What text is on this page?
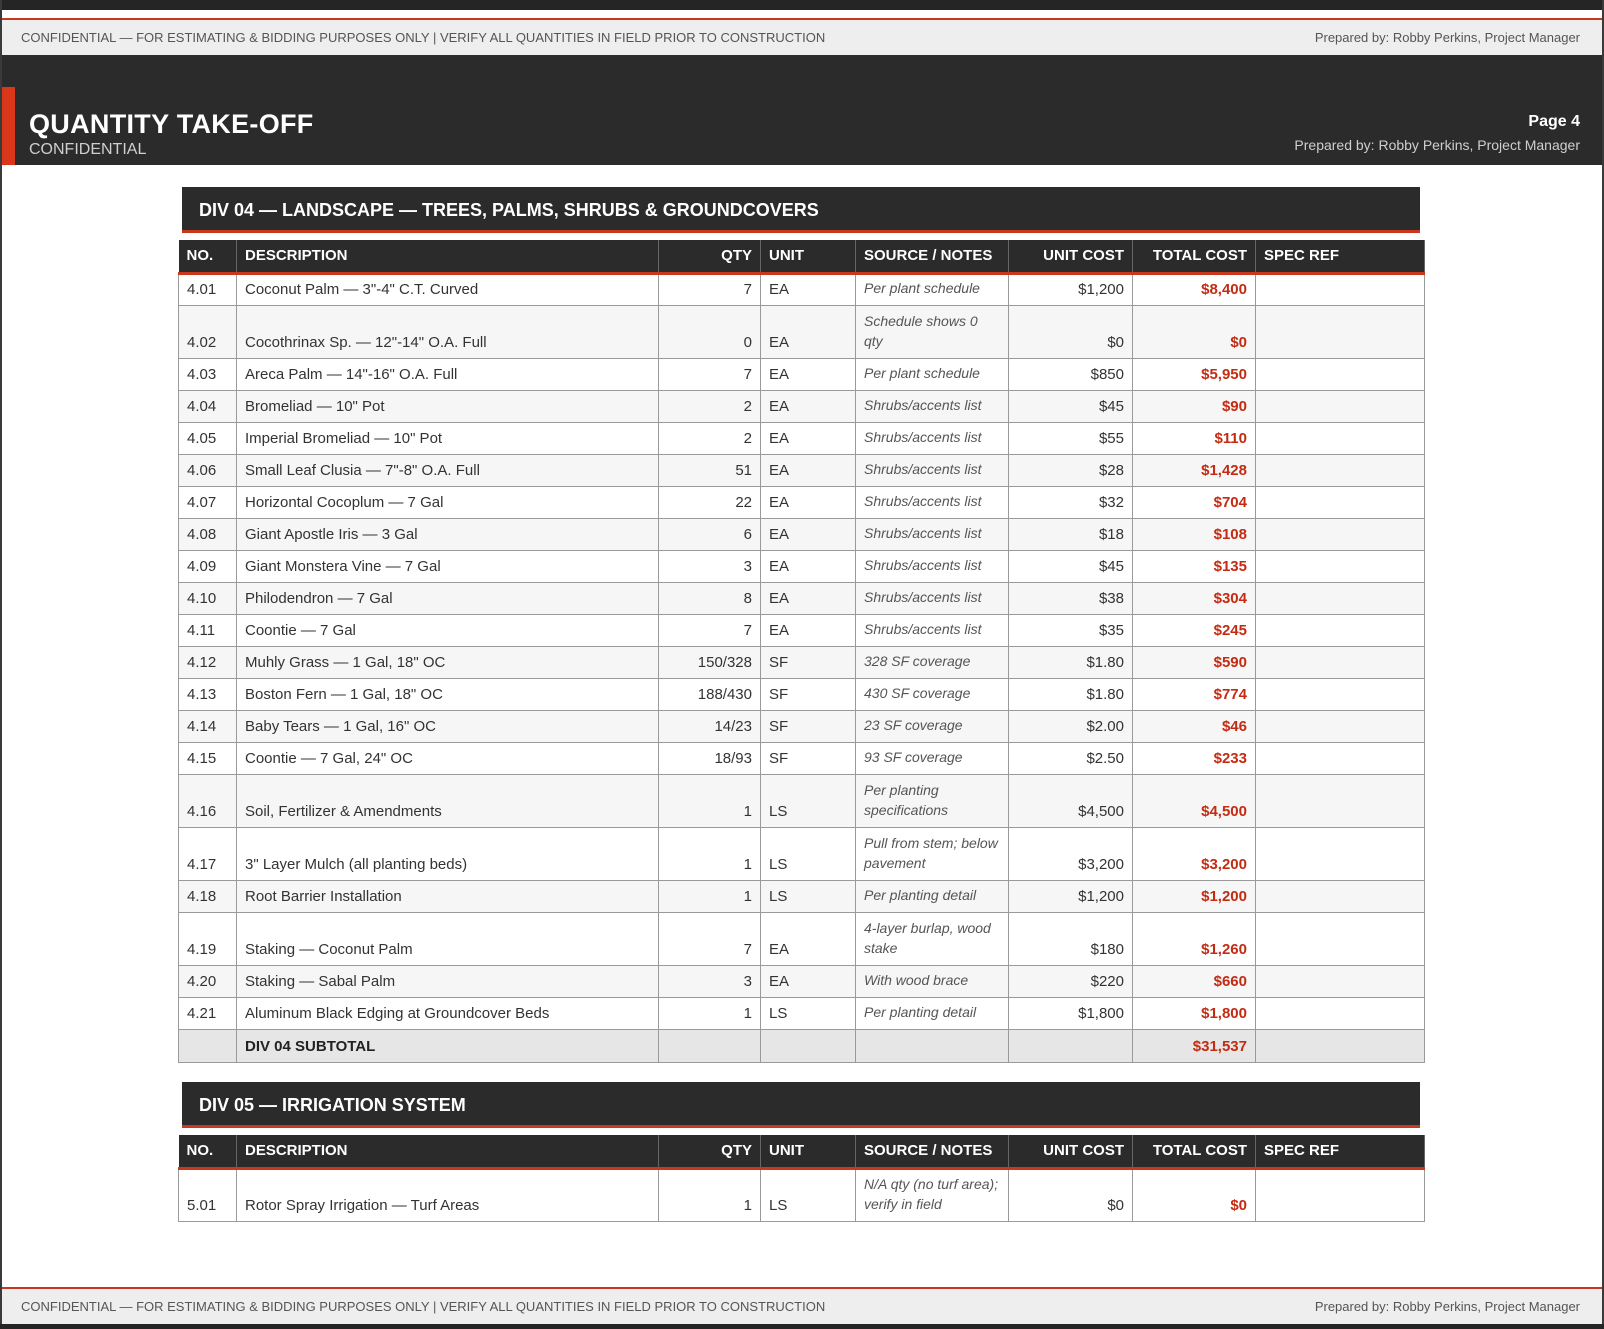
CONFIDENTIAL — FOR ESTIMATING & BIDDING PURPOSES ONLY | VERIFY ALL QUANTITIES IN FIELD PRIOR TO CONSTRUCTION	Prepared by: Robby Perkins, Project Manager
QUANTITY TAKE-OFF
CONFIDENTIAL
Page 4
Prepared by: Robby Perkins, Project Manager
DIV 04 — LANDSCAPE — TREES, PALMS, SHRUBS & GROUNDCOVERS
NO.	DESCRIPTION	QTY	UNIT	SOURCE / NOTES	UNIT COST	TOTAL COST	SPEC REF
4.01	Coconut Palm — 3"-4" C.T. Curved	7	EA	Per plant schedule	$1,200	$8,400	
4.02	Cocothrinax Sp. — 12"-14" O.A. Full	0	EA	Schedule shows 0 qty	$0	$0	
4.03	Areca Palm — 14"-16" O.A. Full	7	EA	Per plant schedule	$850	$5,950	
4.04	Bromeliad — 10" Pot	2	EA	Shrubs/accents list	$45	$90	
4.05	Imperial Bromeliad — 10" Pot	2	EA	Shrubs/accents list	$55	$110	
4.06	Small Leaf Clusia — 7"-8" O.A. Full	51	EA	Shrubs/accents list	$28	$1,428	
4.07	Horizontal Cocoplum — 7 Gal	22	EA	Shrubs/accents list	$32	$704	
4.08	Giant Apostle Iris — 3 Gal	6	EA	Shrubs/accents list	$18	$108	
4.09	Giant Monstera Vine — 7 Gal	3	EA	Shrubs/accents list	$45	$135	
4.10	Philodendron — 7 Gal	8	EA	Shrubs/accents list	$38	$304	
4.11	Coontie — 7 Gal	7	EA	Shrubs/accents list	$35	$245	
4.12	Muhly Grass — 1 Gal, 18" OC	150/328	SF	328 SF coverage	$1.80	$590	
4.13	Boston Fern — 1 Gal, 18" OC	188/430	SF	430 SF coverage	$1.80	$774	
4.14	Baby Tears — 1 Gal, 16" OC	14/23	SF	23 SF coverage	$2.00	$46	
4.15	Coontie — 7 Gal, 24" OC	18/93	SF	93 SF coverage	$2.50	$233	
4.16	Soil, Fertilizer & Amendments	1	LS	Per planting specifications	$4,500	$4,500	
4.17	3" Layer Mulch (all planting beds)	1	LS	Pull from stem; below pavement	$3,200	$3,200	
4.18	Root Barrier Installation	1	LS	Per planting detail	$1,200	$1,200	
4.19	Staking — Coconut Palm	7	EA	4-layer burlap, wood stake	$180	$1,260	
4.20	Staking — Sabal Palm	3	EA	With wood brace	$220	$660	
4.21	Aluminum Black Edging at Groundcover Beds	1	LS	Per planting detail	$1,800	$1,800	
	DIV 04 SUBTOTAL					$31,537	
DIV 05 — IRRIGATION SYSTEM
NO.	DESCRIPTION	QTY	UNIT	SOURCE / NOTES	UNIT COST	TOTAL COST	SPEC REF
5.01	Rotor Spray Irrigation — Turf Areas	1	LS	N/A qty (no turf area); verify in field	$0	$0	
CONFIDENTIAL — FOR ESTIMATING & BIDDING PURPOSES ONLY | VERIFY ALL QUANTITIES IN FIELD PRIOR TO CONSTRUCTION	Prepared by: Robby Perkins, Project Manager
